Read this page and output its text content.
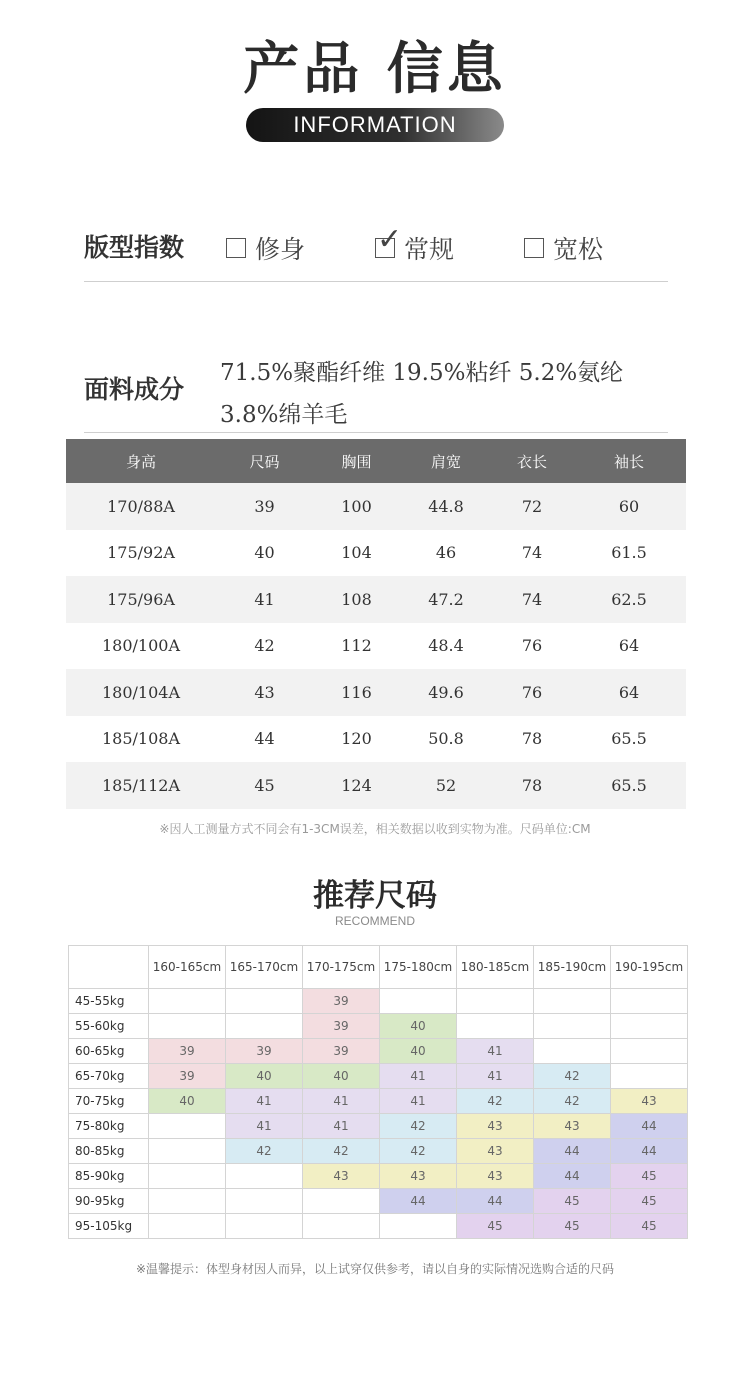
产品 信息
INFORMATION
版型指数	修身 ✓ 常规	宽松
面料成分
71.5%聚酯纤维 19.5%粘纤 5.2%氨纶
3.8%绵羊毛
身高	尺码	胸围	肩宽	衣长	袖长
170/88A	39	100	44.8	72	60
175/92A	40	104	46	74	61.5
175/96A	41	108	47.2	74	62.5
180/100A	42	112	48.4	76	64
180/104A	43	116	49.6	76	64
185/108A	44	120	50.8	78	65.5
185/112A	45	124	52	78	65.5
※因人工测量方式不同会有1-3CM误差，相关数据以收到实物为准。尺码单位:CM
推荐尺码
RECOMMEND
	160-165cm	165-170cm	170-175cm	175-180cm	180-185cm	185-190cm	190-195cm
45-55kg			39				
55-60kg			39	40			
60-65kg	39	39	39	40	41		
65-70kg	39	40	40	41	41	42	
70-75kg	40	41	41	41	42	42	43
75-80kg		41	41	42	43	43	44
80-85kg		42	42	42	43	44	44
85-90kg			43	43	43	44	45
90-95kg				44	44	45	45
95-105kg					45	45	45
※温馨提示：体型身材因人而异，以上试穿仅供参考，请以自身的实际情况选购合适的尺码
